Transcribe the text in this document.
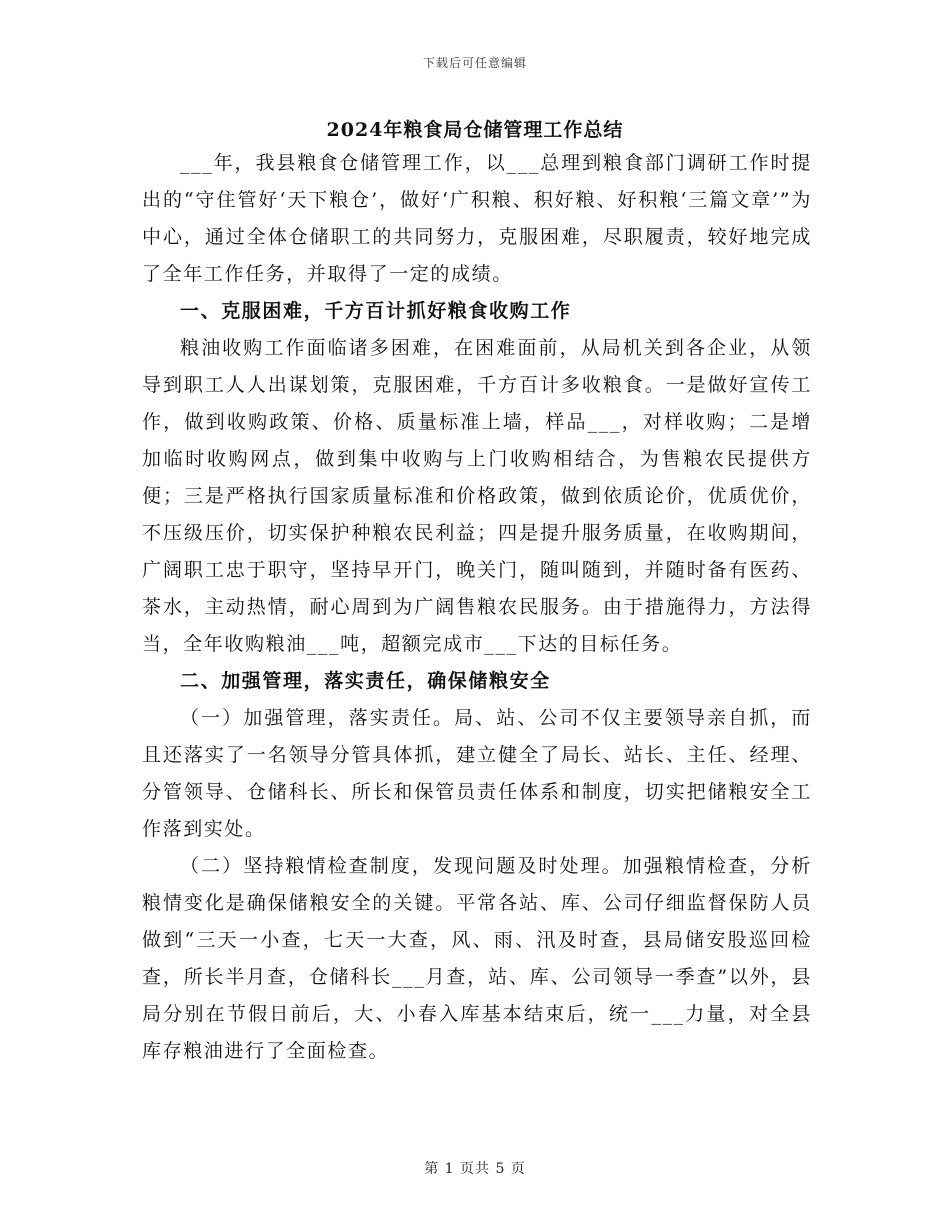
下载后可任意编辑
2024年粮食局仓储管理工作总结

___年，我县粮食仓储管理工作，以___总理到粮食部门调研工作时提出的“守住管好‘天下粮仓’，做好‘广积粮、积好粮、好积粮‘三篇文章’”为中心，通过全体仓储职工的共同努力，克服困难，尽职履责，较好地完成了全年工作任务，并取得了一定的成绩。

一、克服困难，千方百计抓好粮食收购工作

粮油收购工作面临诸多困难，在困难面前，从局机关到各企业，从领导到职工人人出谋划策，克服困难，千方百计多收粮食。一是做好宣传工作，做到收购政策、价格、质量标准上墙，样品___，对样收购；二是增加临时收购网点，做到集中收购与上门收购相结合，为售粮农民提供方便；三是严格执行国家质量标准和价格政策，做到依质论价，优质优价，不压级压价，切实保护种粮农民利益；四是提升服务质量，在收购期间，广阔职工忠于职守，坚持早开门，晚关门，随叫随到，并随时备有医药、茶水，主动热情，耐心周到为广阔售粮农民服务。由于措施得力，方法得当，全年收购粮油___吨，超额完成市___下达的目标任务。

二、加强管理，落实责任，确保储粮安全

（一）加强管理，落实责任。局、站、公司不仅主要领导亲自抓，而且还落实了一名领导分管具体抓，建立健全了局长、站长、主任、经理、分管领导、仓储科长、所长和保管员责任体系和制度，切实把储粮安全工作落到实处。

（二）坚持粮情检查制度，发现问题及时处理。加强粮情检查，分析粮情变化是确保储粮安全的关键。平常各站、库、公司仔细监督保防人员做到“三天一小查，七天一大查，风、雨、汛及时查，县局储安股巡回检查，所长半月查，仓储科长___月查，站、库、公司领导一季查”以外，县局分别在节假日前后，大、小春入库基本结束后，统一___力量，对全县库存粮油进行了全面检查。

第 1 页共 5 页
